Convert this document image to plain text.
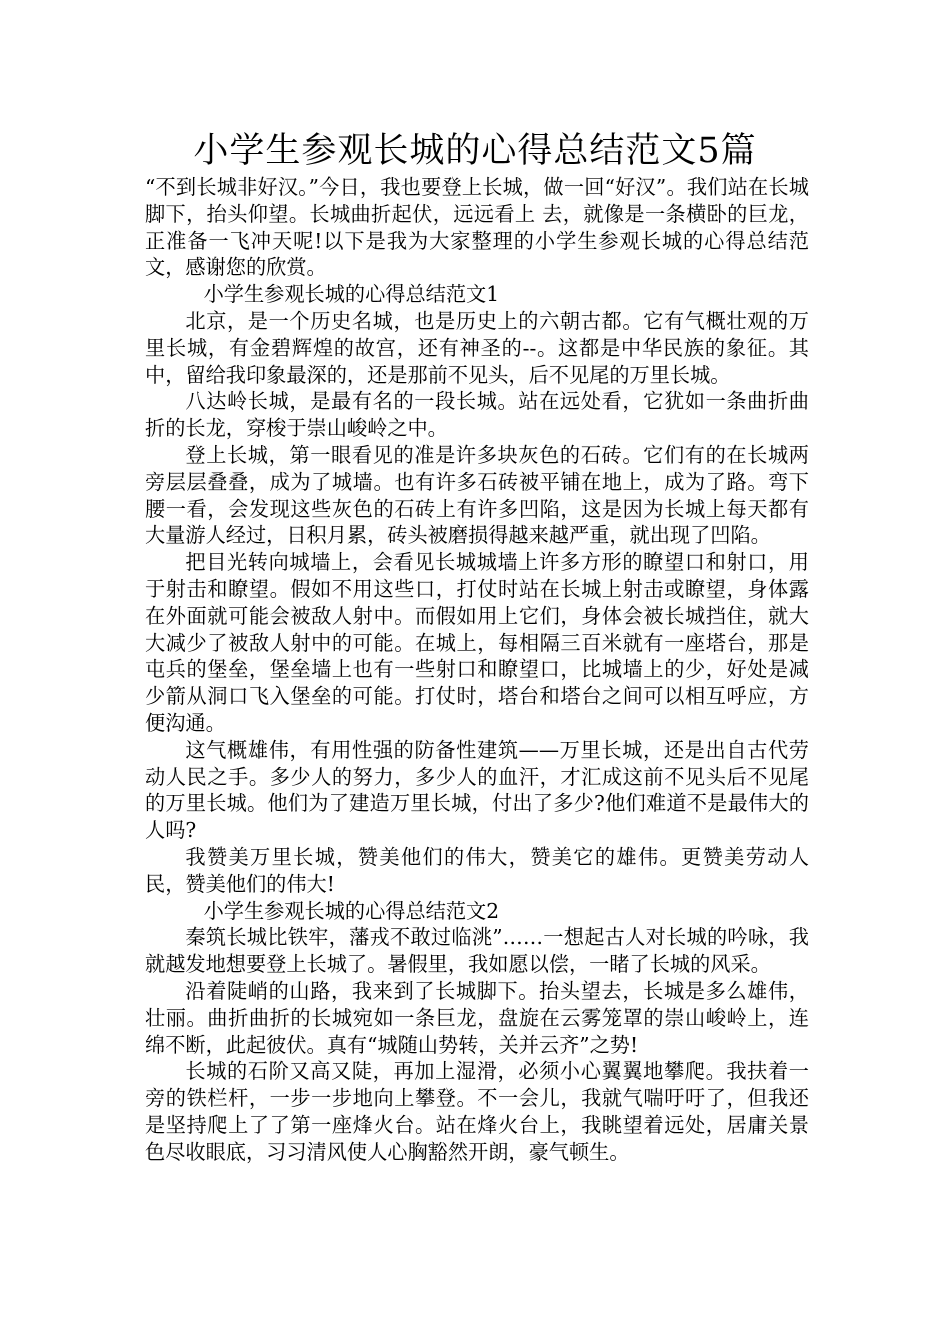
小学生参观长城的心得总结范文5篇

“不到长城非好汉。”今日，我也要登上长城，做一回“好汉”。我们站在长城脚下，抬头仰望。长城曲折起伏，远远看上 去，就像是一条横卧的巨龙，正准备一飞冲天呢!以下是我为大家整理的小学生参观长城的心得总结范文，感谢您的欣赏。

小学生参观长城的心得总结范文1

北京，是一个历史名城，也是历史上的六朝古都。它有气概壮观的万里长城，有金碧辉煌的故宫，还有神圣的--。这都是中华民族的象征。其中，留给我印象最深的，还是那前不见头，后不见尾的万里长城。

八达岭长城，是最有名的一段长城。站在远处看，它犹如一条曲折曲折的长龙，穿梭于崇山峻岭之中。

登上长城，第一眼看见的准是许多块灰色的石砖。它们有的在长城两旁层层叠叠，成为了城墙。也有许多石砖被平铺在地上，成为了路。弯下腰一看，会发现这些灰色的石砖上有许多凹陷，这是因为长城上每天都有大量游人经过，日积月累，砖头被磨损得越来越严重，就出现了凹陷。

把目光转向城墙上，会看见长城城墙上许多方形的瞭望口和射口，用于射击和瞭望。假如不用这些口，打仗时站在长城上射击或瞭望，身体露在外面就可能会被敌人射中。而假如用上它们，身体会被长城挡住，就大大减少了被敌人射中的可能。在城上，每相隔三百米就有一座塔台，那是屯兵的堡垒，堡垒墙上也有一些射口和瞭望口，比城墙上的少，好处是减少箭从洞口飞入堡垒的可能。打仗时，塔台和塔台之间可以相互呼应，方便沟通。

这气概雄伟，有用性强的防备性建筑——万里长城，还是出自古代劳动人民之手。多少人的努力，多少人的血汗，才汇成这前不见头后不见尾的万里长城。他们为了建造万里长城，付出了多少?他们难道不是最伟大的人吗?

我赞美万里长城，赞美他们的伟大，赞美它的雄伟。更赞美劳动人民，赞美他们的伟大!

小学生参观长城的心得总结范文2

秦筑长城比铁牢，藩戎不敢过临洮”……一想起古人对长城的吟咏，我就越发地想要登上长城了。暑假里，我如愿以偿，一睹了长城的风采。

沿着陡峭的山路，我来到了长城脚下。抬头望去，长城是多么雄伟，壮丽。曲折曲折的长城宛如一条巨龙，盘旋在云雾笼罩的崇山峻岭上，连绵不断，此起彼伏。真有“城随山势转，关并云齐”之势!

长城的石阶又高又陡，再加上湿滑，必须小心翼翼地攀爬。我扶着一旁的铁栏杆，一步一步地向上攀登。不一会儿，我就气喘吁吁了，但我还是坚持爬上了了第一座烽火台。站在烽火台上，我眺望着远处，居庸关景色尽收眼底，习习清风使人心胸豁然开朗，豪气顿生。
